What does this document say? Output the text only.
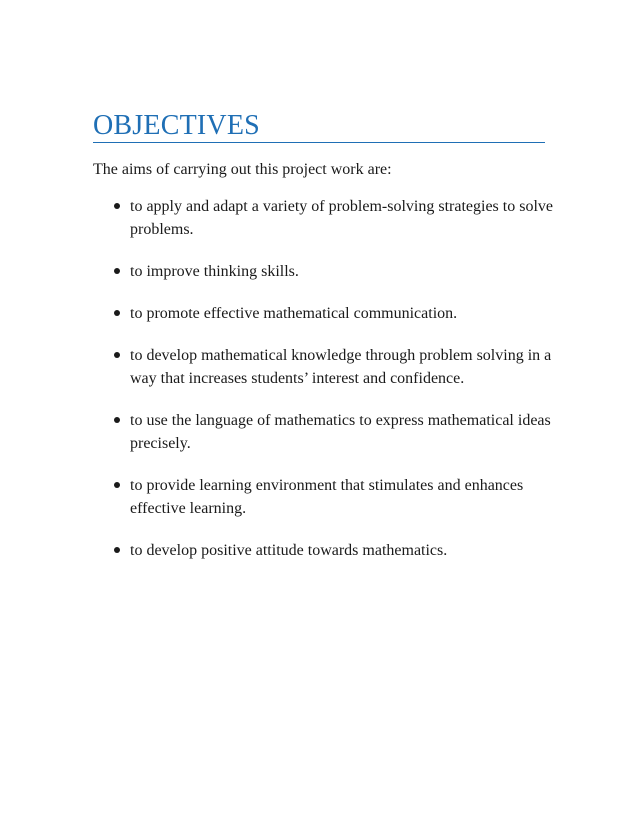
OBJECTIVES

The aims of carrying out this project work are:

to apply and adapt a variety of problem-solving strategies to solve problems.
to improve thinking skills.
to promote effective mathematical communication.
to develop mathematical knowledge through problem solving in a way that increases students’ interest and confidence.
to use the language of mathematics to express mathematical ideas precisely.
to provide learning environment that stimulates and enhances effective learning.
to develop positive attitude towards mathematics.
